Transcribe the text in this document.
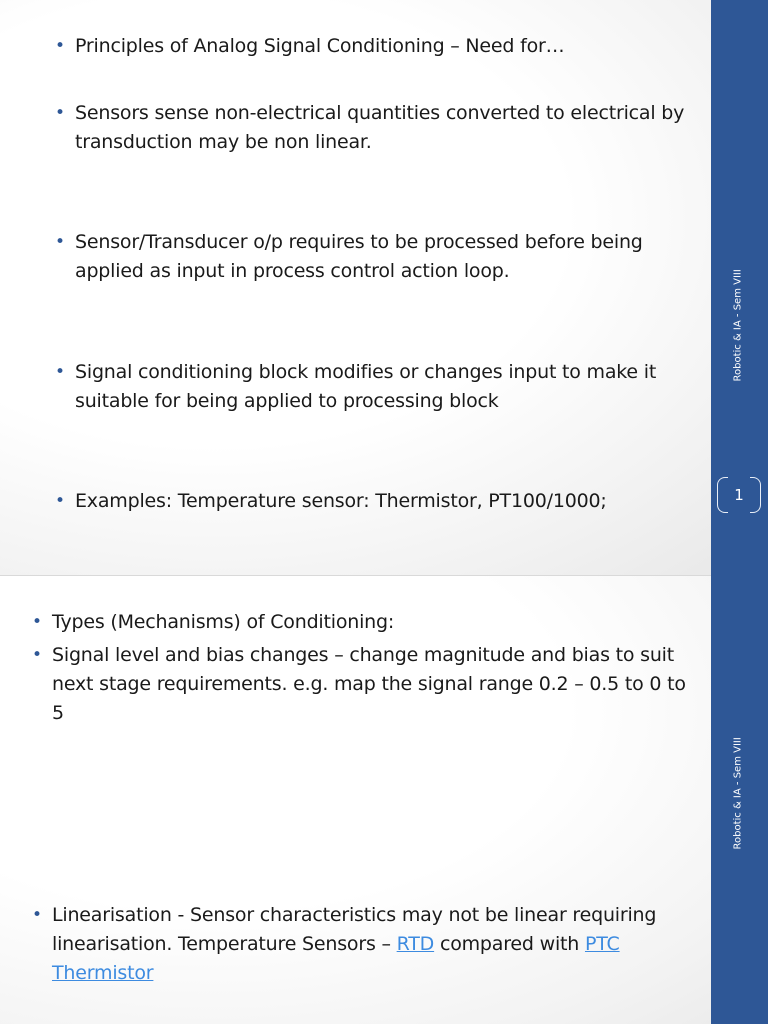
• Principles of Analog Signal Conditioning – Need for…
• Sensors sense non-electrical quantities converted to electrical by transduction may be non linear.
• Sensor/Transducer o/p requires to be processed before being applied as input in process control action loop.
• Signal conditioning block modifies or changes input to make it suitable for being applied to processing block
• Examples: Temperature sensor: Thermistor, PT100/1000;
Robotic & IA - Sem VIII
1
• Types (Mechanisms) of Conditioning:
• Signal level and bias changes – change magnitude and bias to suit next stage requirements. e.g. map the signal range 0.2 – 0.5 to 0 to 5
• Linearisation - Sensor characteristics may not be linear requiring linearisation. Temperature Sensors – RTD compared with PTC Thermistor
Robotic & IA - Sem VIII
